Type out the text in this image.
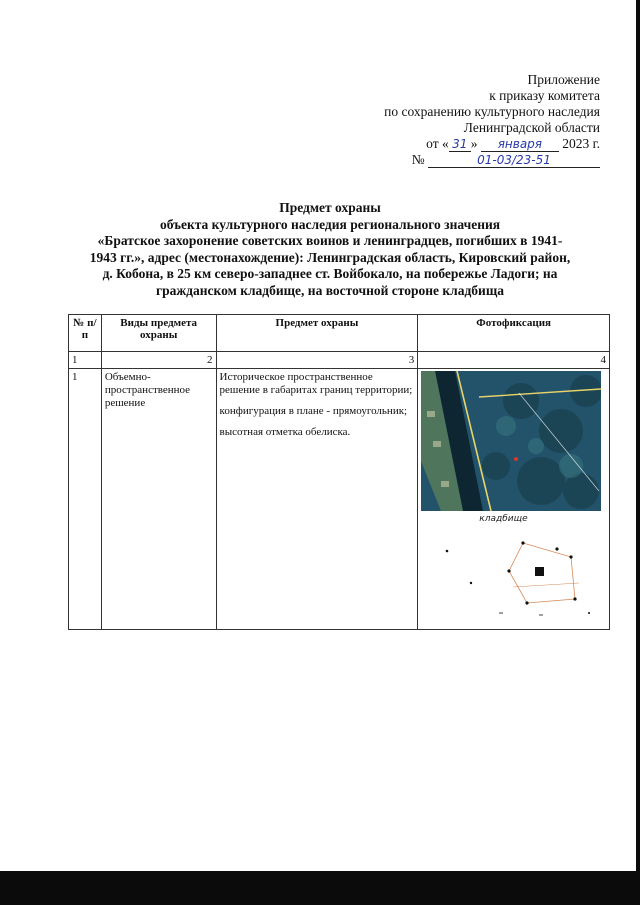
Приложение
к приказу комитета
по сохранению культурного наследия
Ленинградской области
от « 31 » января 2023 г.
№	01-03/23-51
Предмет охраны
объекта культурного наследия регионального значения
«Братское захоронение советских воинов и ленинградцев, погибших в 1941-
1943 гг.», адрес (местонахождение): Ленинградская область, Кировский район,
д. Кобона, в 25 км северо-западнее ст. Войбокало, на побережье Ладоги; на
гражданском кладбище, на восточной стороне кладбища
№ п/п	Виды предмета охраны	Предмет охраны	Фотофиксация
1	2	3	4
1	Объемно-пространственное решение	Историческое пространственное решение в габаритах границ территории;

конфигурация в плане - прямоугольник;

высотная отметка обелиска.	кладбище
